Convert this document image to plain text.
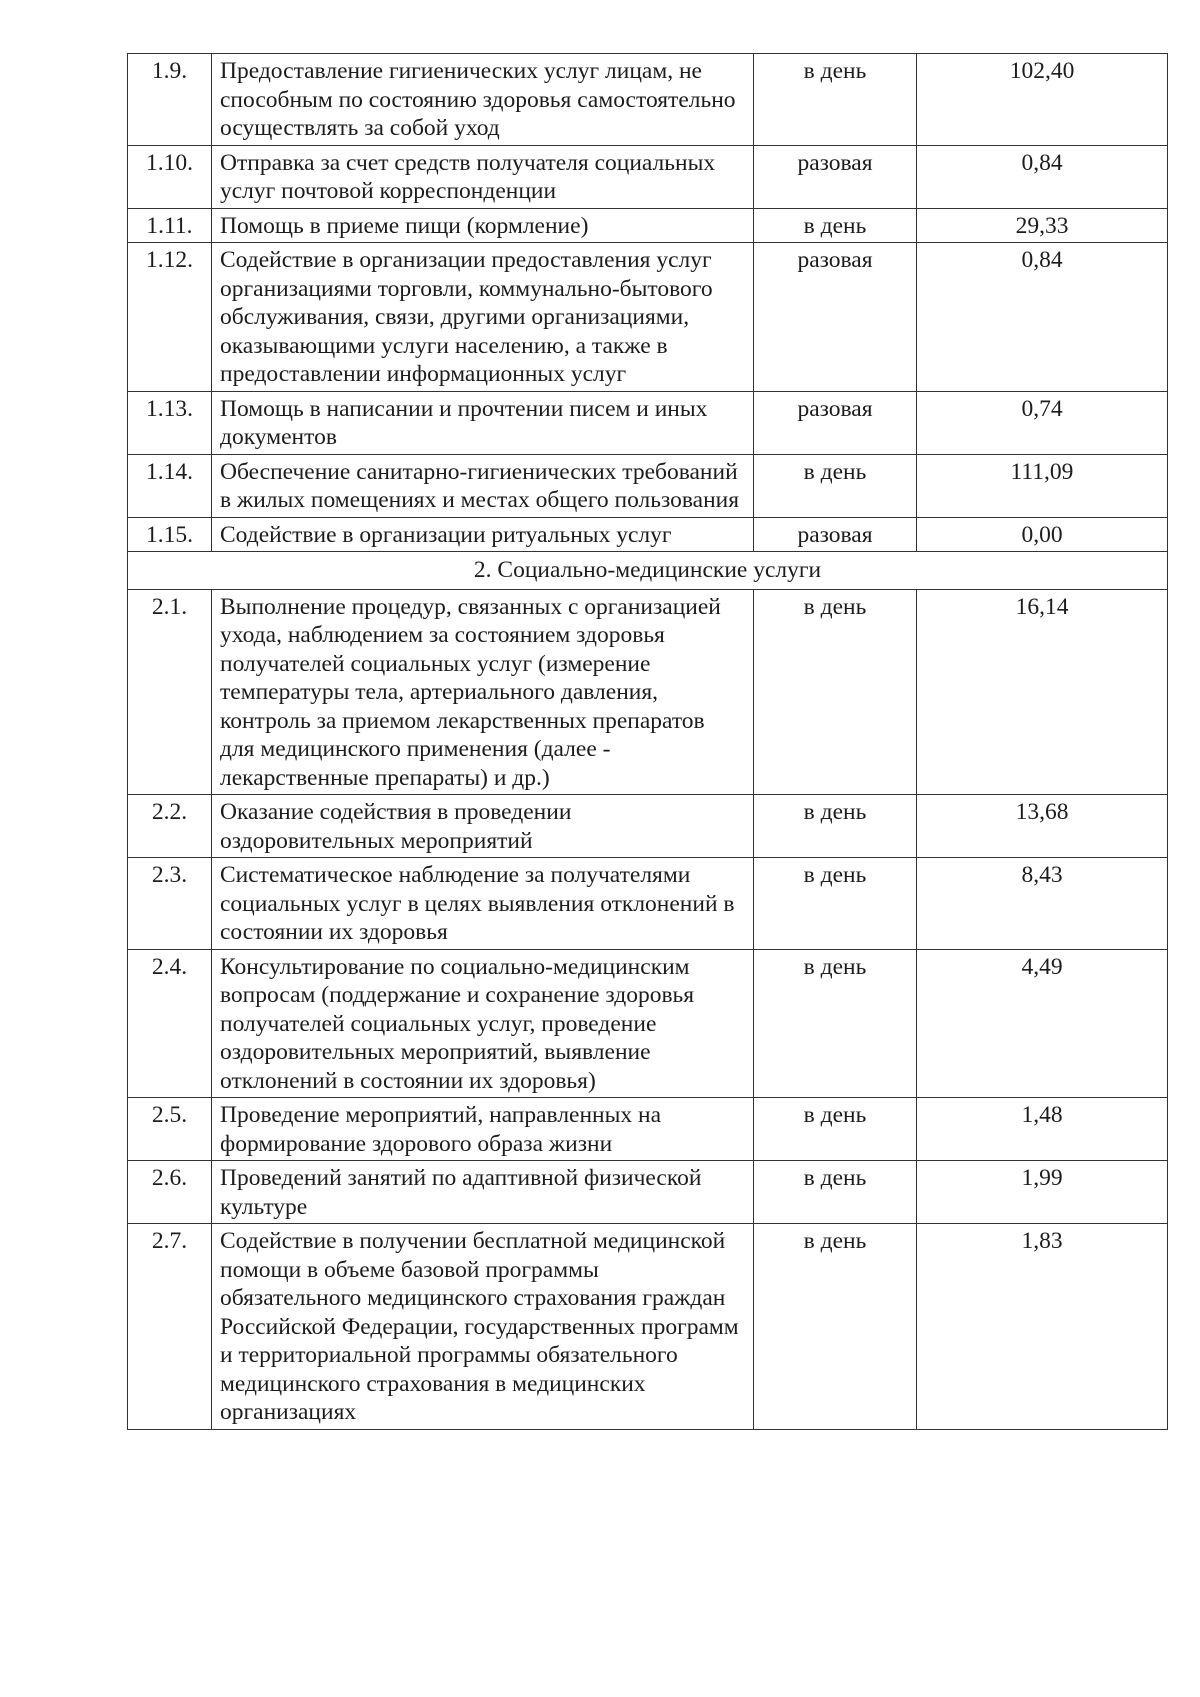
1.9.	Предоставление гигиенических услуг лицам, не способным по состоянию здоровья самостоятельно осуществлять за собой уход	в день	102,40
1.10.	Отправка за счет средств получателя социальных услуг почтовой корреспонденции	разовая	0,84
1.11.	Помощь в приеме пищи (кормление)	в день	29,33
1.12.	Содействие в организации предоставления услуг организациями торговли, коммунально-бытового обслуживания, связи, другими организациями, оказывающими услуги населению, а также в предоставлении информационных услуг	разовая	0,84
1.13.	Помощь в написании и прочтении писем и иных документов	разовая	0,74
1.14.	Обеспечение санитарно-гигиенических требований в жилых помещениях и местах общего пользования	в день	111,09
1.15.	Содействие в организации ритуальных услуг	разовая	0,00
2. Социально-медицинские услуги			
2.1.	Выполнение процедур, связанных с организацией ухода, наблюдением за состоянием здоровья получателей социальных услуг (измерение температуры тела, артериального давления, контроль за приемом лекарственных препаратов для медицинского применения (далее - лекарственные препараты) и др.)	в день	16,14
2.2.	Оказание содействия в проведении оздоровительных мероприятий	в день	13,68
2.3.	Систематическое наблюдение за получателями социальных услуг в целях выявления отклонений в состоянии их здоровья	в день	8,43
2.4.	Консультирование по социально-медицинским вопросам (поддержание и сохранение здоровья получателей социальных услуг, проведение оздоровительных мероприятий, выявление отклонений в состоянии их здоровья)	в день	4,49
2.5.	Проведение мероприятий, направленных на формирование здорового образа жизни	в день	1,48
2.6.	Проведений занятий по адаптивной физической культуре	в день	1,99
2.7.	Содействие в получении бесплатной медицинской помощи в объеме базовой программы обязательного медицинского страхования граждан Российской Федерации, государственных программ и территориальной программы обязательного медицинского страхования в медицинских организациях	в день	1,83
